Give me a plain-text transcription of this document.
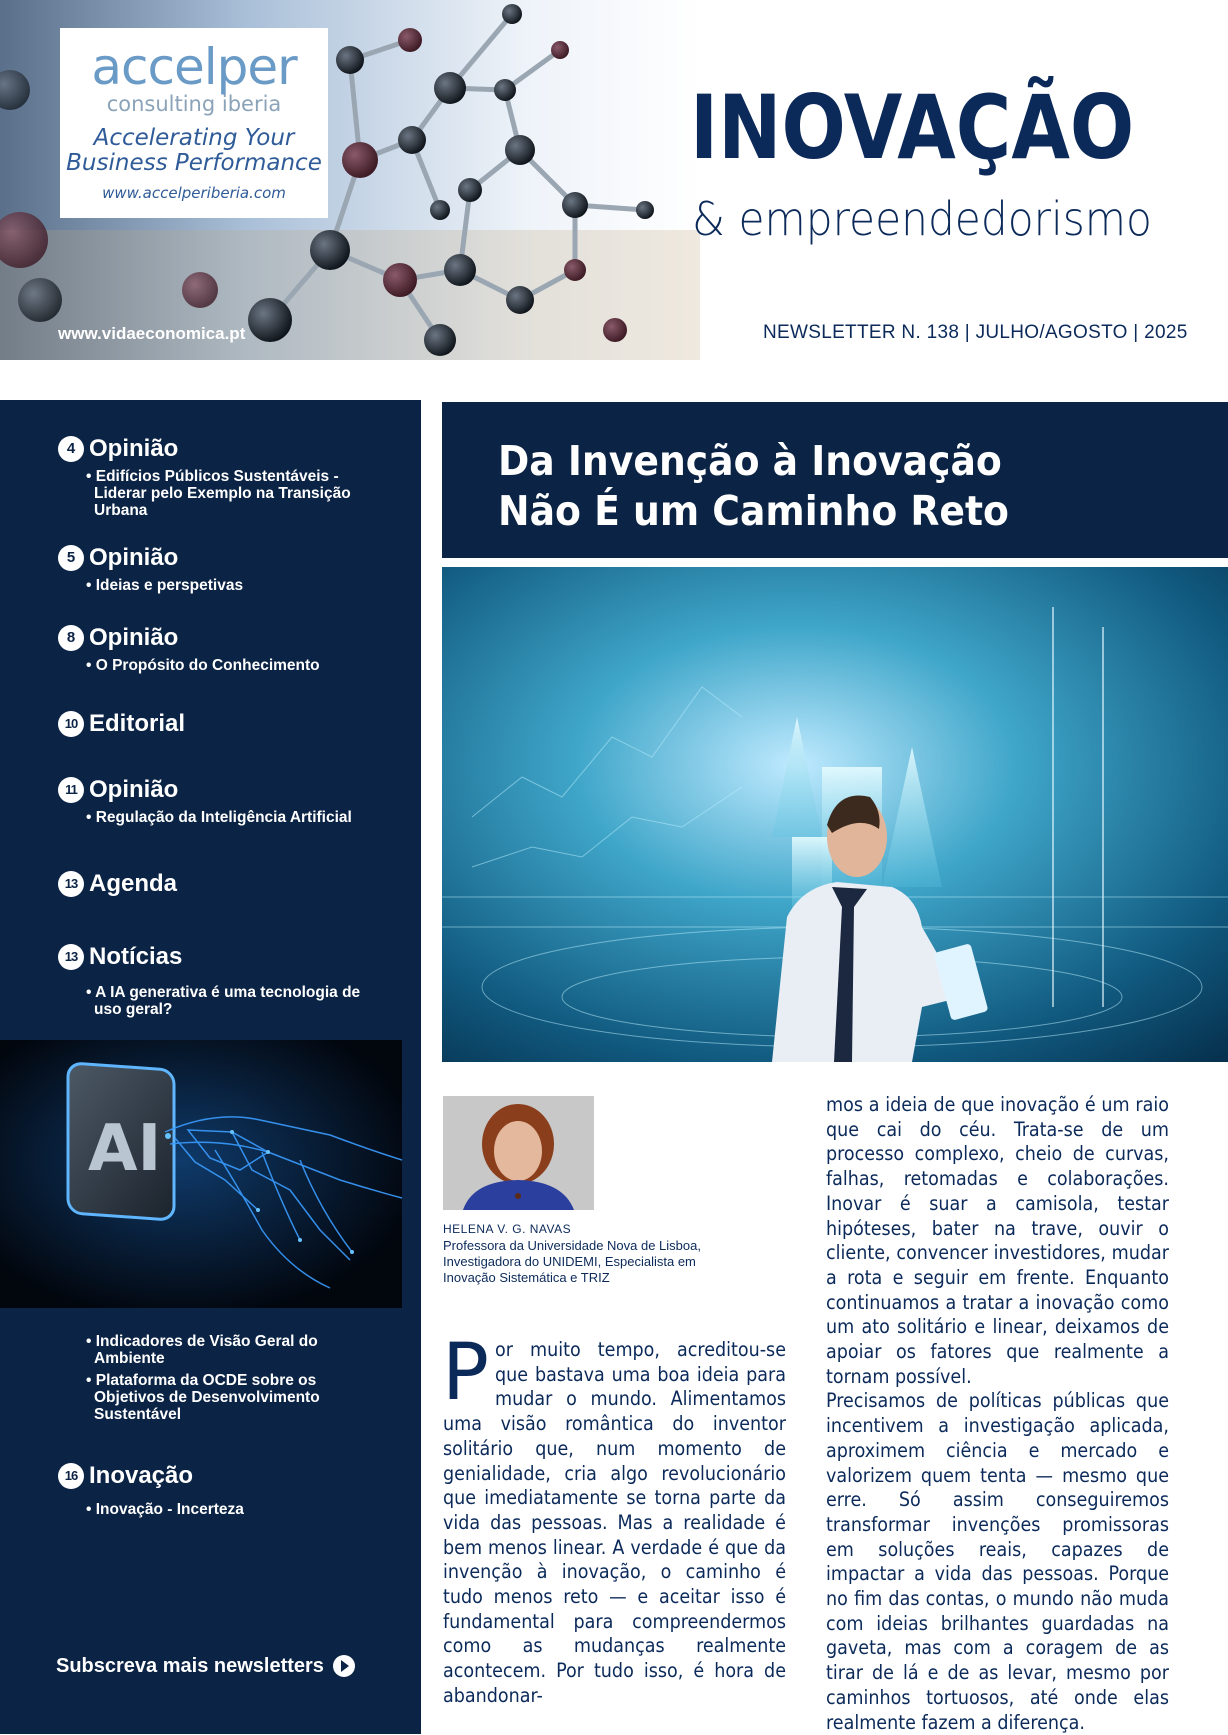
accelper
consulting iberia
Accelerating Your
Business Performance
www.accelperiberia.com
www.vidaeconomica.pt
INOVAÇÃO
& empreendedorismo
NEWSLETTER N. 138 | JULHO/AGOSTO | 2025
4 Opinião
• Edifícios Públicos Sustentáveis - Liderar pelo Exemplo na Transição Urbana
5 Opinião
• Ideias e perspetivas
8 Opinião
• O Propósito do Conhecimento
10 Editorial
11 Opinião
• Regulação da Inteligência Artificial
13 Agenda
13 Notícias
• A IA generativa é uma tecnologia de uso geral?
AI
• Indicadores de Visão Geral do Ambiente
• Plataforma da OCDE sobre os Objetivos de Desenvolvimento Sustentável
16 Inovação
• Inovação - Incerteza
Subscreva mais newsletters
Da Invenção à Inovação
Não É um Caminho Reto
HELENA V. G. NAVAS
Professora da Universidade Nova de Lisboa, Investigadora do UNIDEMI, Especialista em Inovação Sistemática e TRIZ

Por muito tempo, acreditou-se que bastava uma boa ideia para mudar o mundo. Alimentamos uma visão romântica do inventor solitário que, num momento de genialidade, cria algo revolucionário que imediatamente se torna parte da vida das pessoas. Mas a realidade é bem menos linear. A verdade é que da invenção à inovação, o caminho é tudo menos reto — e aceitar isso é fundamental para compreendermos como as mudanças realmente acontecem. Por tudo isso, é hora de abandonar-

mos a ideia de que inovação é um raio que cai do céu. Trata-se de um processo complexo, cheio de curvas, falhas, retomadas e colaborações. Inovar é suar a camisola, testar hipóteses, bater na trave, ouvir o cliente, convencer investidores, mudar a rota e seguir em frente. Enquanto continuamos a tratar a inovação como um ato solitário e linear, deixamos de apoiar os fatores que realmente a tornam possível.

Precisamos de políticas públicas que incentivem a investigação aplicada, aproximem ciência e mercado e valorizem quem tenta — mesmo que erre. Só assim conseguiremos transformar invenções promissoras em soluções reais, capazes de impactar a vida das pessoas. Porque no fim das contas, o mundo não muda com ideias brilhantes guardadas na gaveta, mas com a coragem de as tirar de lá e de as levar, mesmo por caminhos tortuosos, até onde elas realmente fazem a diferença.
